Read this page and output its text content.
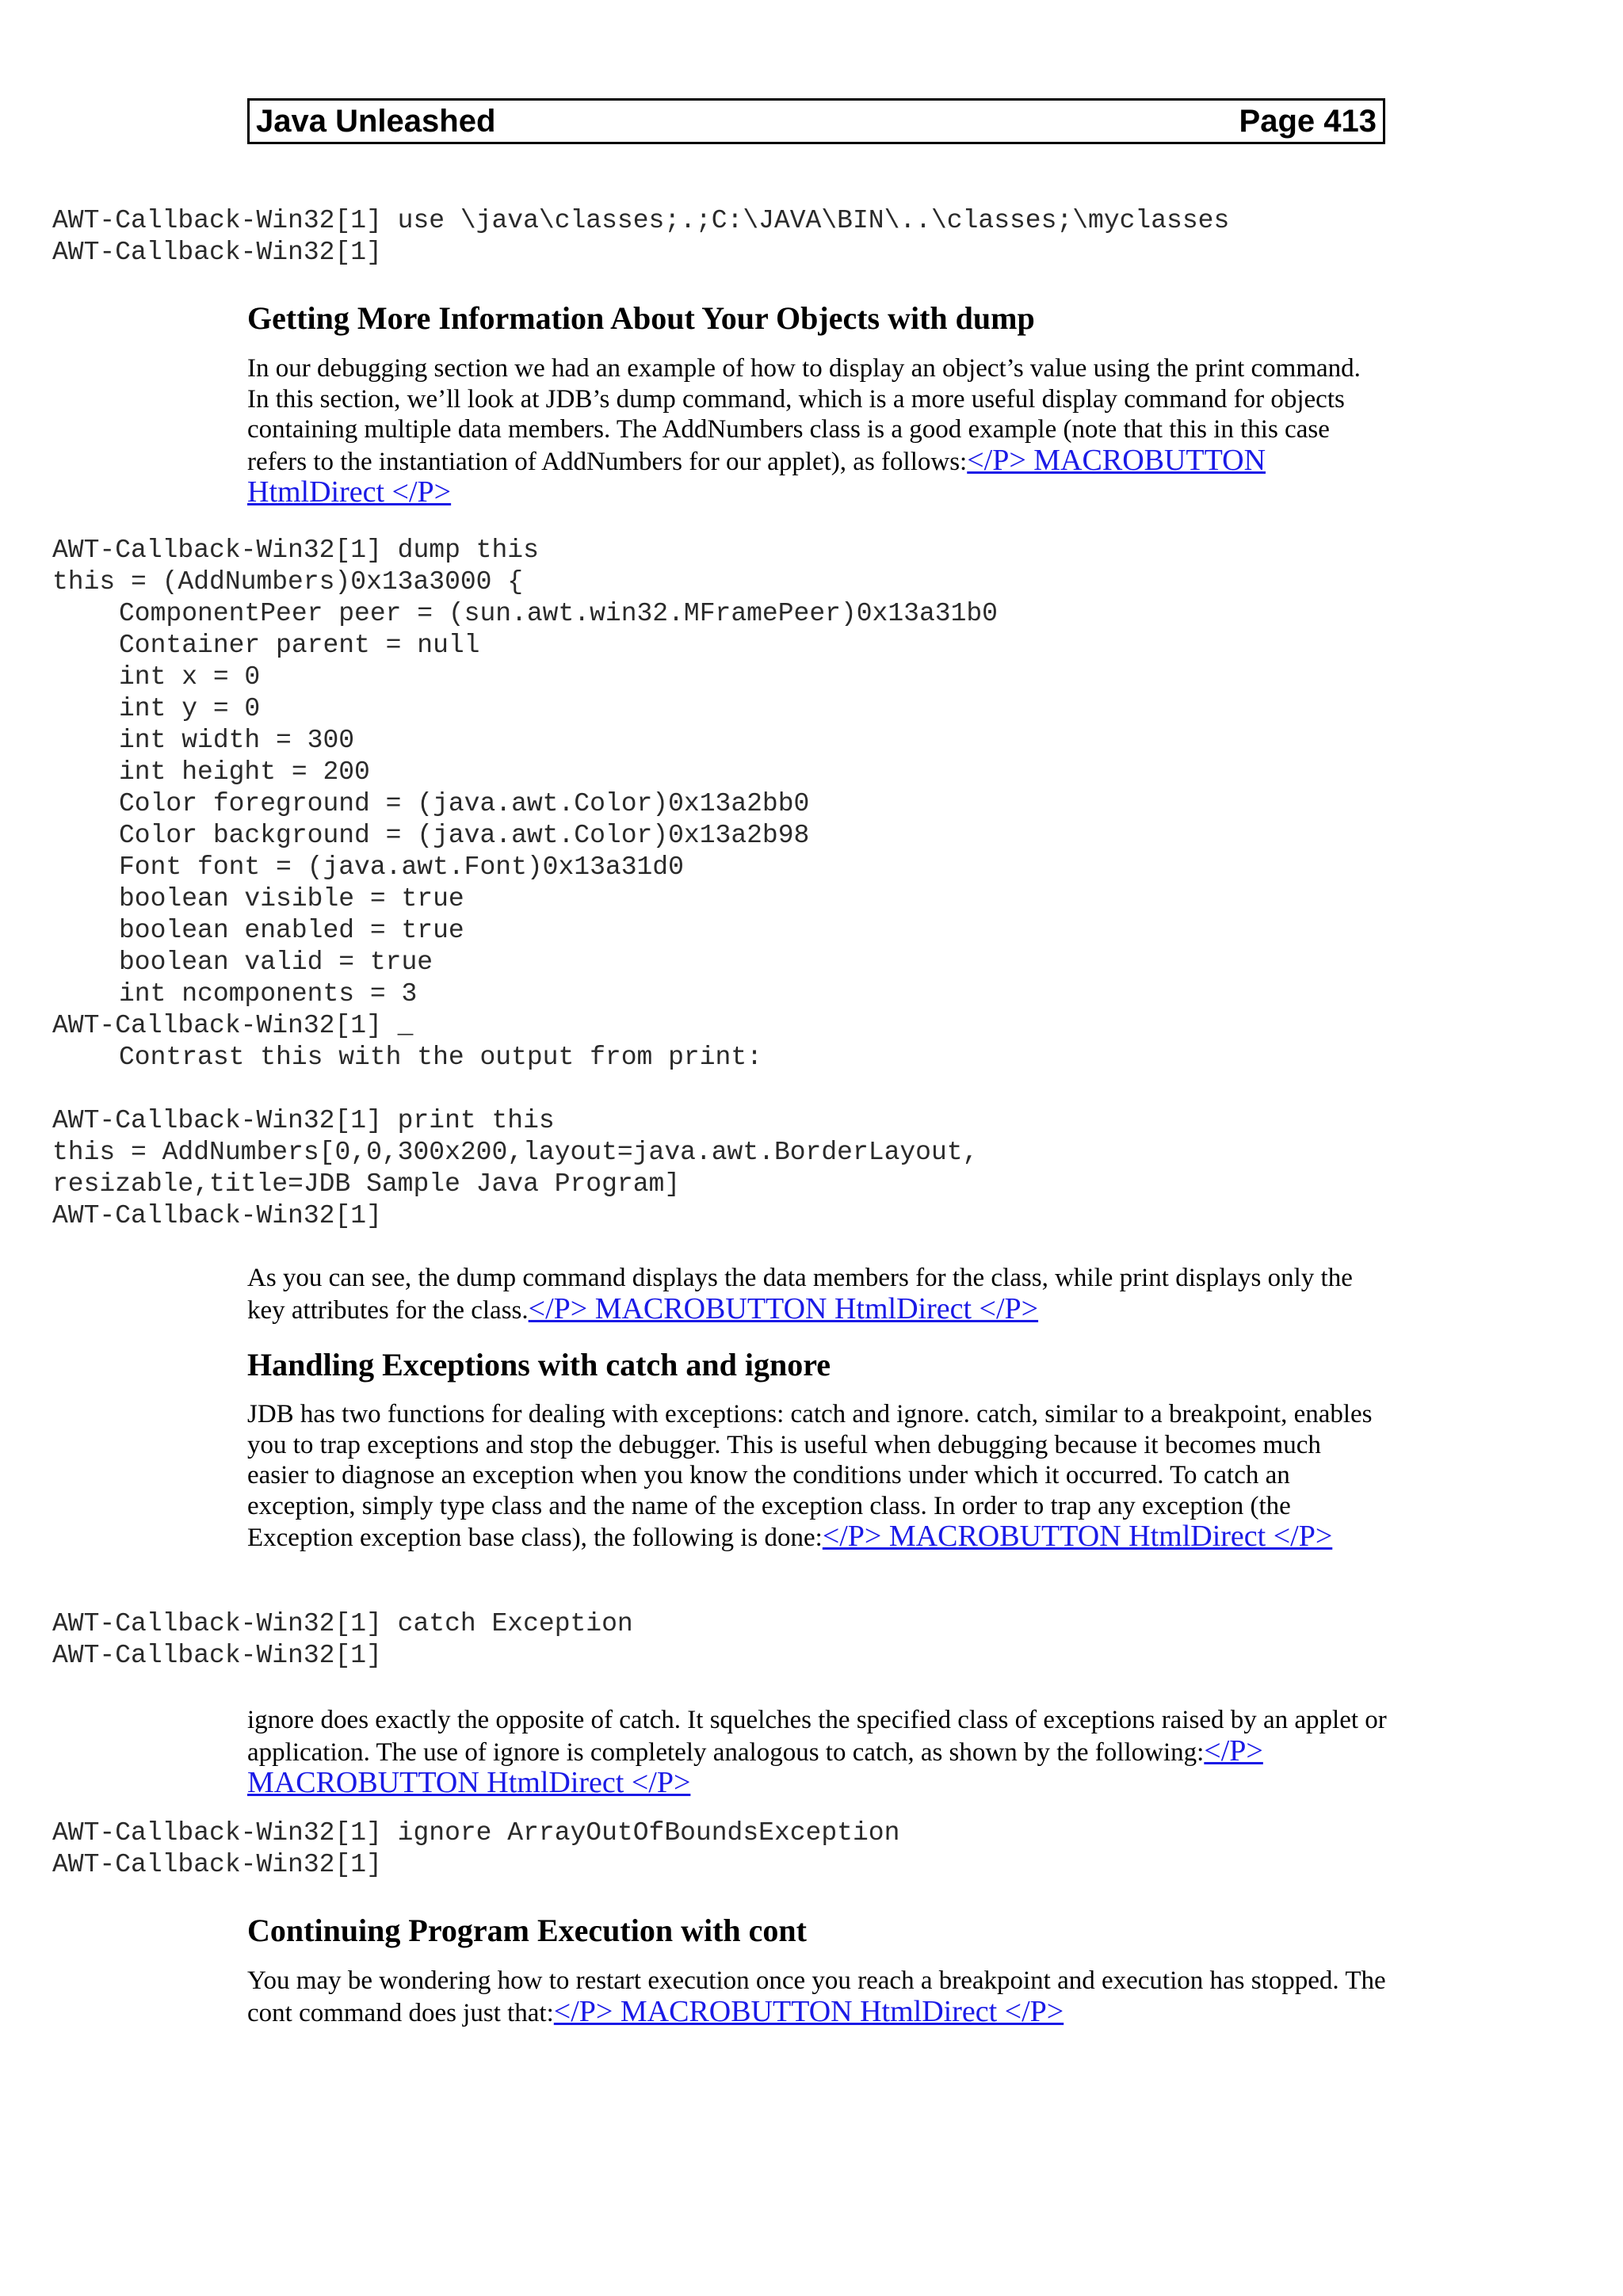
Java Unleashed	Page 413
AWT-Callback-Win32[1] use \java\classes;.;C:\JAVA\BIN\..\classes;\myclasses
AWT-Callback-Win32[1]
Getting More Information About Your Objects with dump

In our debugging section we had an example of how to display an object’s value using the print command. In this section, we’ll look at JDB’s dump command, which is a more useful display command for objects containing multiple data members. The AddNumbers class is a good example (note that this in this case refers to the instantiation of AddNumbers for our applet), as follows:</P> MACROBUTTON HtmlDirect </P>

AWT-Callback-Win32[1] dump this
this = (AddNumbers)0x13a3000 {
ComponentPeer peer = (sun.awt.win32.MFramePeer)0x13a31b0
Container parent = null
int x = 0
int y = 0
int width = 300
int height = 200
Color foreground = (java.awt.Color)0x13a2bb0
Color background = (java.awt.Color)0x13a2b98
Font font = (java.awt.Font)0x13a31d0
boolean visible = true
boolean enabled = true
boolean valid = true
int ncomponents = 3
AWT-Callback-Win32[1] _
Contrast this with the output from print:
AWT-Callback-Win32[1] print this
this = AddNumbers[0,0,300x200,layout=java.awt.BorderLayout,
resizable,title=JDB Sample Java Program]
AWT-Callback-Win32[1]

As you can see, the dump command displays the data members for the class, while print displays only the key attributes for the class.</P> MACROBUTTON HtmlDirect </P>

Handling Exceptions with catch and ignore

JDB has two functions for dealing with exceptions: catch and ignore. catch, similar to a breakpoint, enables you to trap exceptions and stop the debugger. This is useful when debugging because it becomes much easier to diagnose an exception when you know the conditions under which it occurred. To catch an exception, simply type class and the name of the exception class. In order to trap any exception (the Exception exception base class), the following is done:</P> MACROBUTTON HtmlDirect </P>

AWT-Callback-Win32[1] catch Exception
AWT-Callback-Win32[1]

ignore does exactly the opposite of catch. It squelches the specified class of exceptions raised by an applet or application. The use of ignore is completely analogous to catch, as shown by the following:</P> MACROBUTTON HtmlDirect </P>

AWT-Callback-Win32[1] ignore ArrayOutOfBoundsException
AWT-Callback-Win32[1]
Continuing Program Execution with cont

You may be wondering how to restart execution once you reach a breakpoint and execution has stopped. The cont command does just that:</P> MACROBUTTON HtmlDirect </P>
